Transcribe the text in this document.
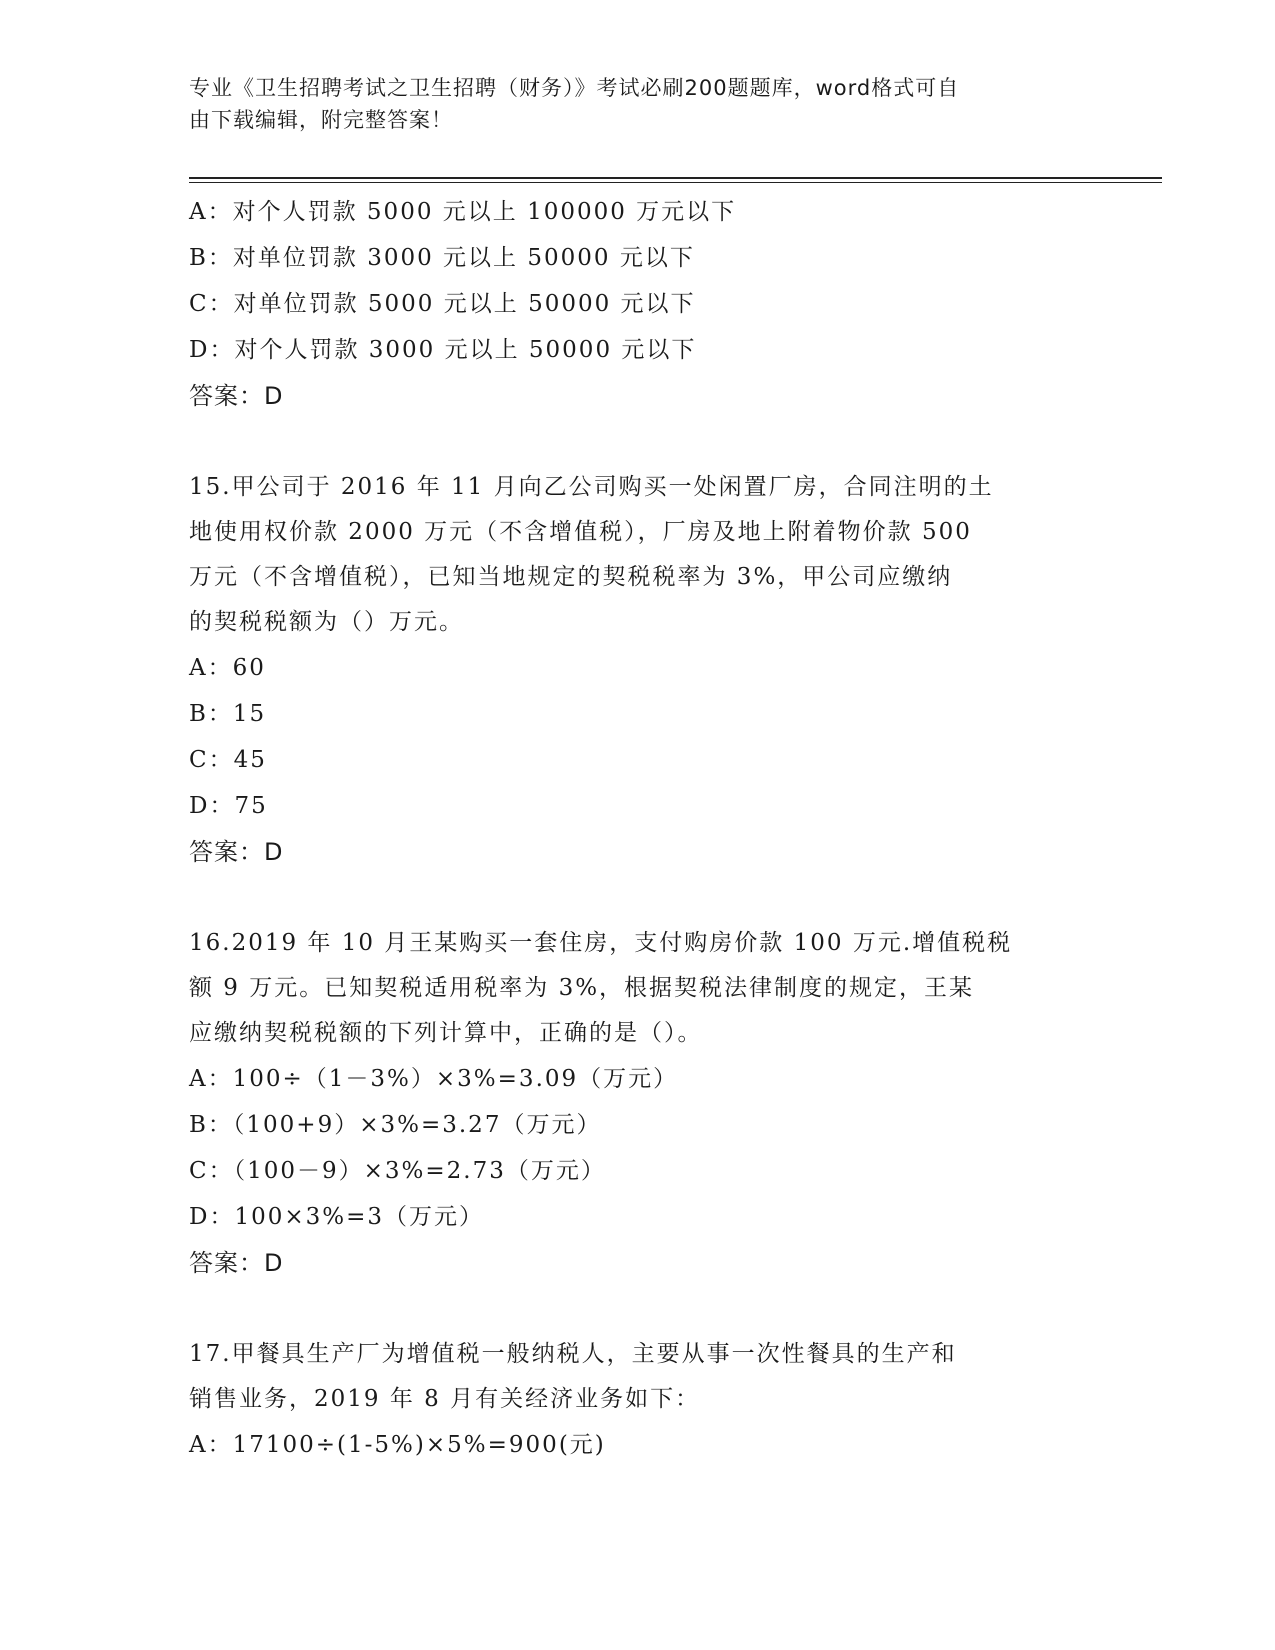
专业《卫生招聘考试之卫生招聘（财务）》考试必刷200题题库，word格式可自
由下载编辑，附完整答案！
A：对个人罚款 5000 元以上 100000 万元以下
B：对单位罚款 3000 元以上 50000 元以下
C：对单位罚款 5000 元以上 50000 元以下
D：对个人罚款 3000 元以上 50000 元以下
答案：D
15.甲公司于 2016 年 11 月向乙公司购买一处闲置厂房，合同注明的土
地使用权价款 2000 万元（不含增值税），厂房及地上附着物价款 500
万元（不含增值税），已知当地规定的契税税率为 3%，甲公司应缴纳
的契税税额为（）万元。
A：60
B：15
C：45
D：75
答案：D
16.2019 年 10 月王某购买一套住房，支付购房价款 100 万元.增值税税
额 9 万元。已知契税适用税率为 3%，根据契税法律制度的规定，王某
应缴纳契税税额的下列计算中，正确的是（）。
A：100÷（1－3%）×3%=3.09（万元）
B：（100+9）×3%=3.27（万元）
C：（100－9）×3%=2.73（万元）
D：100×3%=3（万元）
答案：D
17.甲餐具生产厂为增值税一般纳税人，主要从事一次性餐具的生产和
销售业务，2019 年 8 月有关经济业务如下：
A：17100÷(1-5%)×5%=900(元)
